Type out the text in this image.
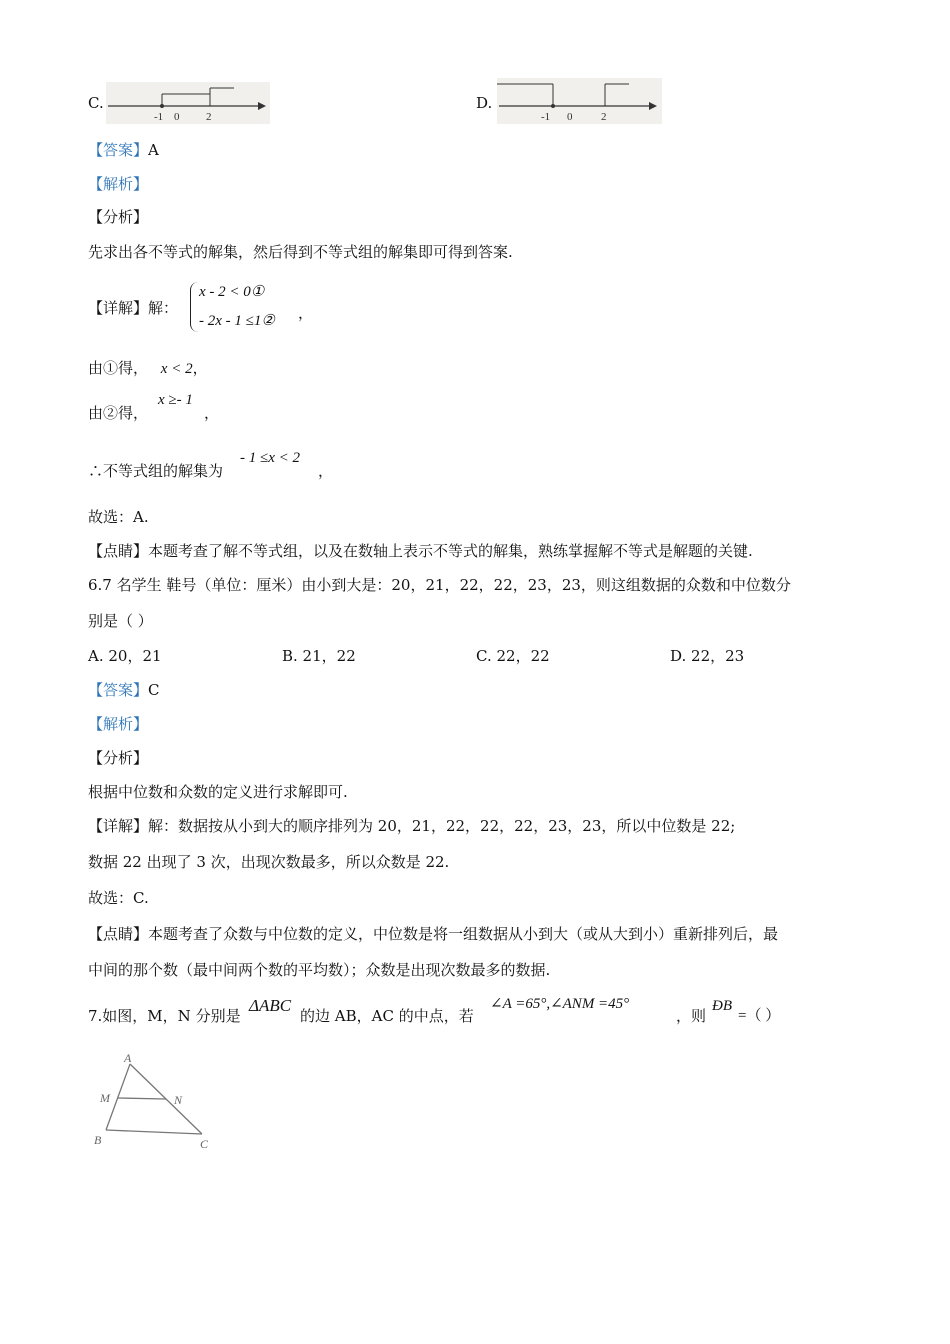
C.
-1 0 2
D.
-1 0	2
【答案】A
【解析】
【分析】
先求出各不等式的解集，然后得到不等式组的解集即可得到答案.
【详解】解：
x - 2 < 0①
- 2x - 1 ≤1② ，
由①得， x < 2，
由②得，
x ≥- 1
，
∴不等式组的解集为
- 1 ≤x < 2
，
故选：A.
【点睛】本题考查了解不等式组，以及在数轴上表示不等式的解集，熟练掌握解不等式是解题的关键.
6.7 名学生 鞋号（单位：厘米）由小到大是：20，21，22，22，23，23，则这组数据的众数和中位数分
别是（ ）
A. 20，21	B. 21，22	C. 22，22	D. 22，23
【答案】C
【解析】
【分析】
根据中位数和众数的定义进行求解即可.
【详解】解：数据按从小到大的顺序排列为 20，21，22，22，22，23，23，所以中位数是 22;
数据 22 出现了 3 次，出现次数最多，所以众数是 22.
故选：C.
【点睛】本题考查了众数与中位数的定义，中位数是将一组数据从小到大（或从大到小）重新排列后，最
中间的那个数（最中间两个数的平均数）；众数是出现次数最多的数据.
7.如图，M，N 分别是
ΔABC
的边 AB，AC 的中点，若
∠A =65°,∠ANM =45°
，则
ÐB
=（ ）
A
M	N
B	C
